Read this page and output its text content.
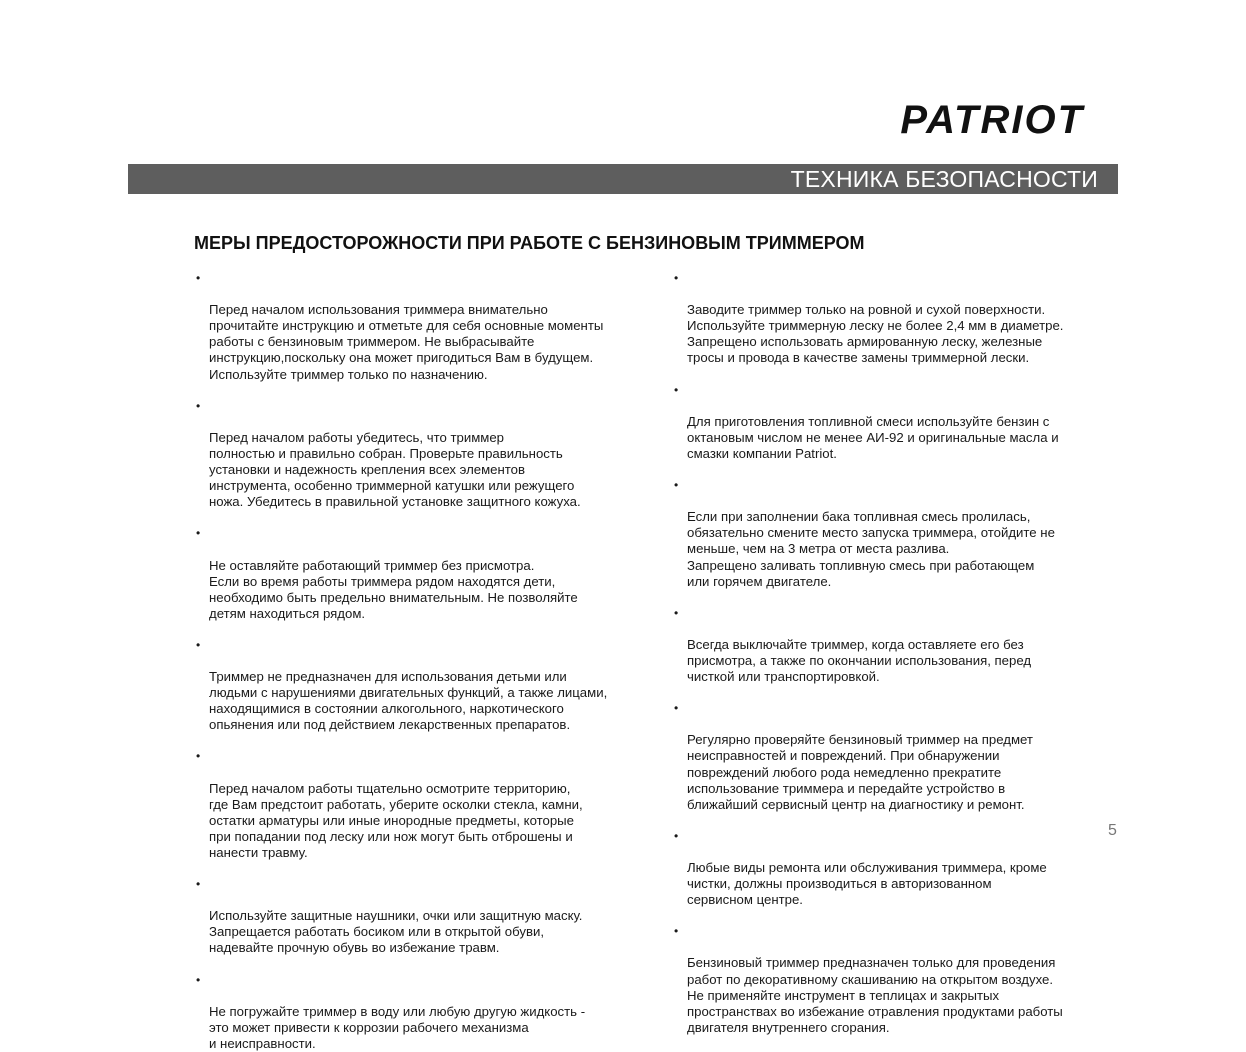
PATRIOT
ТЕХНИКА БЕЗОПАСНОСТИ
МЕРЫ ПРЕДОСТОРОЖНОСТИ ПРИ РАБОТЕ С БЕНЗИНОВЫМ ТРИММЕРОМ

•

Перед началом использования триммера внимательно
прочитайте инструкцию и отметьте для себя основные моменты
работы с бензиновым триммером. Не выбрасывайте
инструкцию,поскольку она может пригодиться Вам в будущем.
Используйте триммер только по назначению.

•

Перед началом работы убедитесь, что триммер
полностью и правильно собран. Проверьте правильность
установки и надежность крепления всех элементов
инструмента, особенно триммерной катушки или режущего
ножа. Убедитесь в правильной установке защитного кожуха.

•

Не оставляйте работающий триммер без присмотра.
Если во время работы триммера рядом находятся дети,
необходимо быть предельно внимательным. Не позволяйте
детям находиться рядом.

•

Триммер не предназначен для использования детьми или
людьми с нарушениями двигательных функций, а также лицами,
находящимися в состоянии алкогольного, наркотического
опьянения или под действием лекарственных препаратов.

•

Перед началом работы тщательно осмотрите территорию,
где Вам предстоит работать, уберите осколки стекла, камни,
остатки арматуры или иные инородные предметы, которые
при попадании под леску или нож могут быть отброшены и
нанести травму.

•

Используйте защитные наушники, очки или защитную маску.
Запрещается работать босиком или в открытой обуви,
надевайте прочную обувь во избежание травм.

•

Не погружайте триммер в воду или любую другую жидкость -
это может привести к коррозии рабочего механизма
и неисправности.

•

Заводите триммер только на ровной и сухой поверхности.
Используйте триммерную леску не более 2,4 мм в диаметре.
Запрещено использовать армированную леску, железные
тросы и провода в качестве замены триммерной лески.

•

Для приготовления топливной смеси используйте бензин с
октановым числом не менее АИ-92 и оригинальные масла и
смазки компании Patriot.

•

Если при заполнении бака топливная смесь пролилась,
обязательно смените место запуска триммера, отойдите не
меньше, чем на 3 метра от места разлива.
Запрещено заливать топливную смесь при работающем
или горячем двигателе.

•

Всегда выключайте триммер, когда оставляете его без
присмотра, а также по окончании использования, перед
чисткой или транспортировкой.

•

Регулярно проверяйте бензиновый триммер на предмет
неисправностей и повреждений. При обнаружении
повреждений любого рода немедленно прекратите
использование триммера и передайте устройство в
ближайший сервисный центр на диагностику и ремонт.

•

Любые виды ремонта или обслуживания триммера, кроме
чистки, должны производиться в авторизованном
сервисном центре.

•

Бензиновый триммер предназначен только для проведения
работ по декоративному скашиванию на открытом воздухе.
Не применяйте инструмент в теплицах и закрытых
пространствах во избежание отравления продуктами работы
двигателя внутреннего сгорания.

5
